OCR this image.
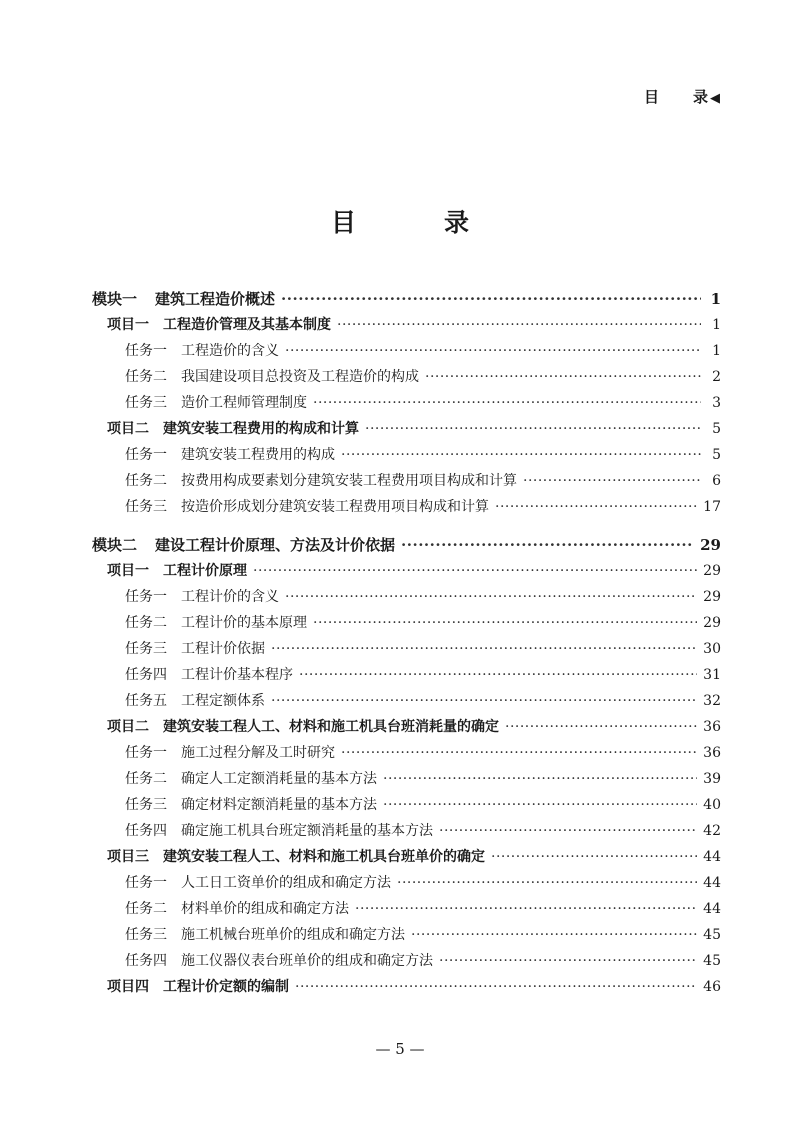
目 录 ◀
目	录
模块一 建筑工程造价概述 ·····	1
项目一 工程造价管理及其基本制度 ·····	1
任务一 工程造价的含义 ·····	1
任务二 我国建设项目总投资及工程造价的构成 ·····	2
任务三 造价工程师管理制度 ·····	3
项目二 建筑安装工程费用的构成和计算 ·····	5
任务一 建筑安装工程费用的构成 ·····	5
任务二 按费用构成要素划分建筑安装工程费用项目构成和计算 ·····	6
任务三 按造价形成划分建筑安装工程费用项目构成和计算 ·····	17
模块二 建设工程计价原理、方法及计价依据 ·····	29
项目一 工程计价原理 ·····	29
任务一 工程计价的含义 ·····	29
任务二 工程计价的基本原理 ·····	29
任务三 工程计价依据 ·····	30
任务四 工程计价基本程序 ·····	31
任务五 工程定额体系 ·····	32
项目二 建筑安装工程人工、材料和施工机具台班消耗量的确定 ·····	36
任务一 施工过程分解及工时研究 ·····	36
任务二 确定人工定额消耗量的基本方法 ·····	39
任务三 确定材料定额消耗量的基本方法 ·····	40
任务四 确定施工机具台班定额消耗量的基本方法 ·····	42
项目三 建筑安装工程人工、材料和施工机具台班单价的确定 ·····	44
任务一 人工日工资单价的组成和确定方法 ·····	44
任务二 材料单价的组成和确定方法 ·····	44
任务三 施工机械台班单价的组成和确定方法 ·····	45
任务四 施工仪器仪表台班单价的组成和确定方法 ·····	45
项目四 工程计价定额的编制 ·····	46
— 5 —
